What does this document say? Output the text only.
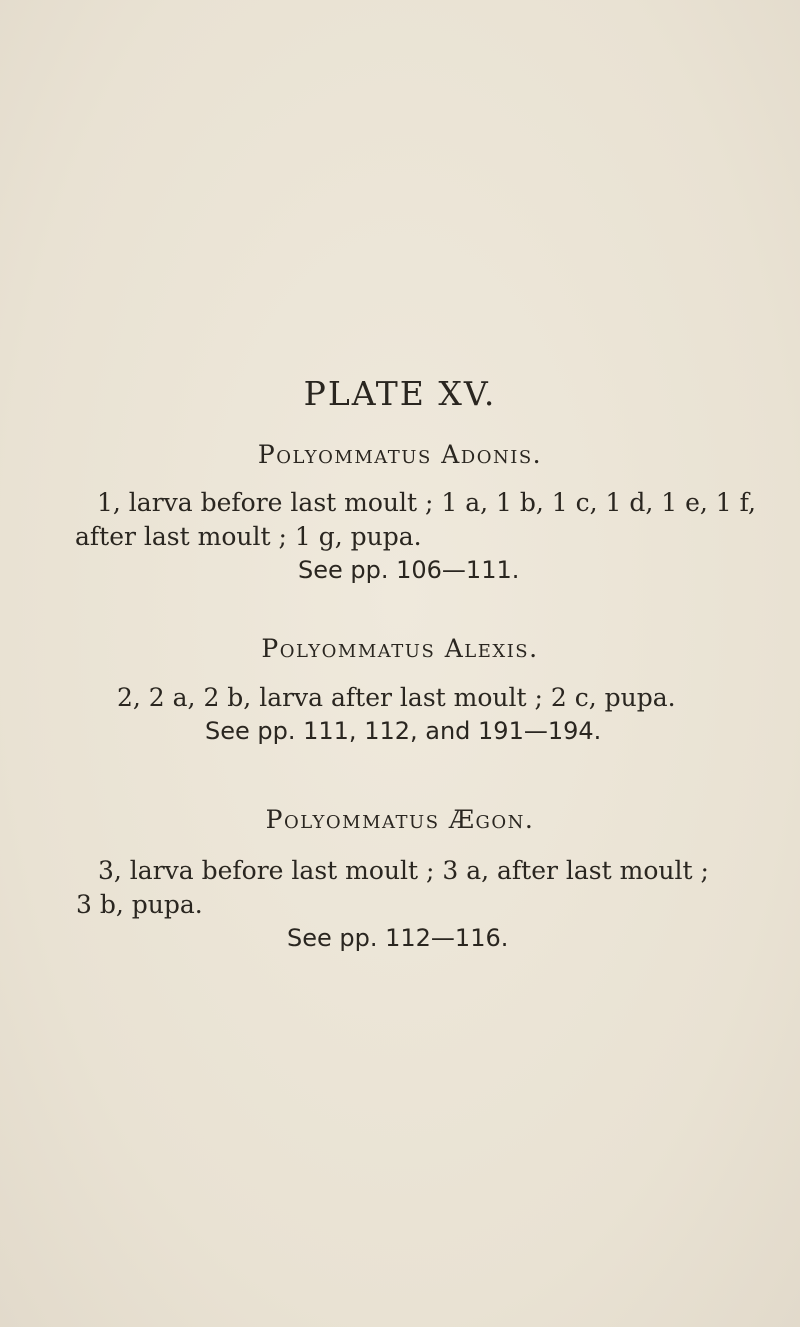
PLATE XV.
Polyommatus Adonis.
1, larva before last moult ; 1 a, 1 b, 1 c, 1 d, 1 e, 1 f,
after last moult ; 1 g, pupa.
See pp. 106—111.
Polyommatus Alexis.
2, 2 a, 2 b, larva after last moult ; 2 c, pupa.
See pp. 111, 112, and 191—194.
Polyommatus Ægon.
3, larva before last moult ; 3 a, after last moult ;
3 b, pupa.
See pp. 112—116.
